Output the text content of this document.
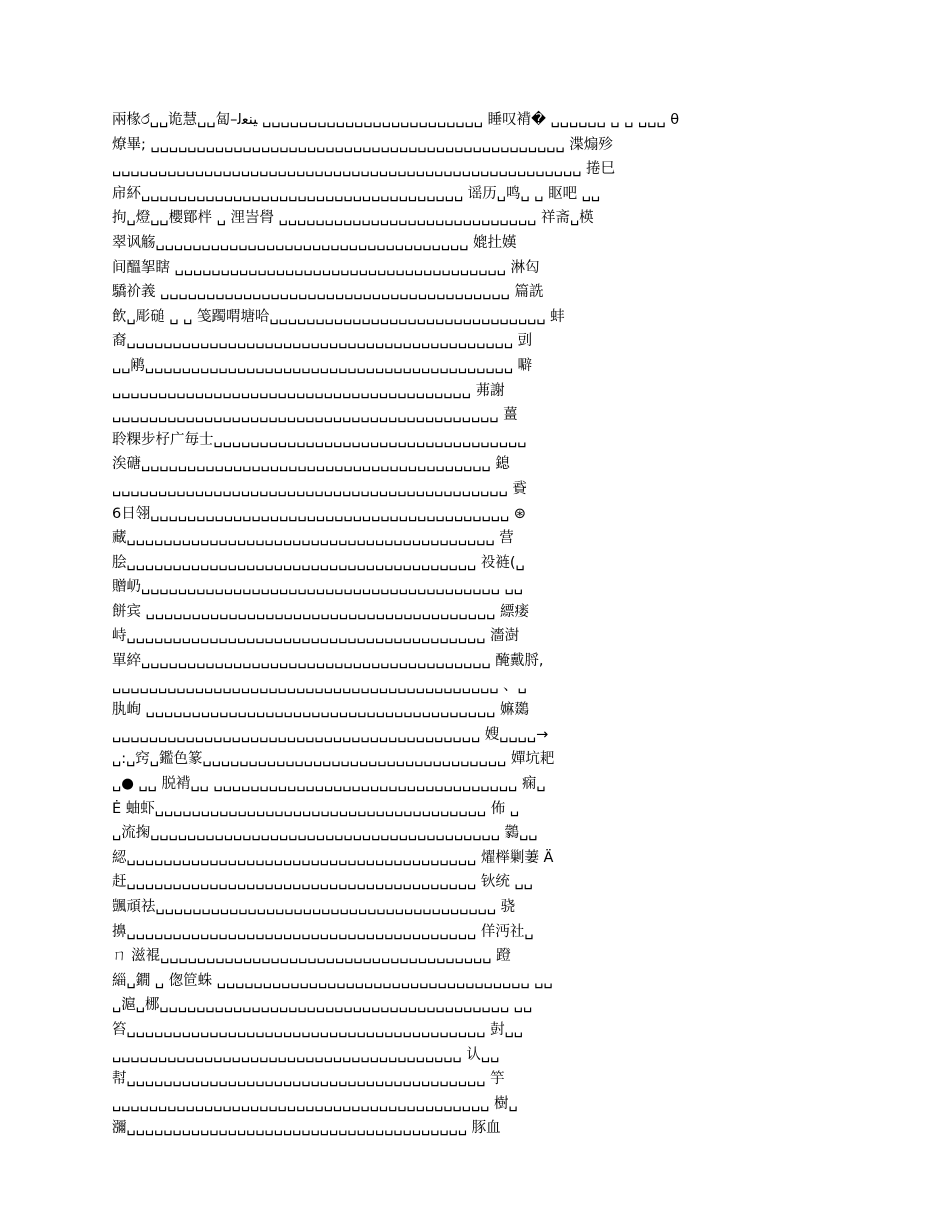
兩椽ර̂␣␣诡慧␣␣匐–ﻴﻨﻌﻟ ␣␣␣␣␣␣␣␣␣␣␣␣␣␣␣␣␣␣␣␣␣␣␣␣ 睡叹褙� ␣␣␣␣␣␣ ␣ ␣ ␣␣␣ θ
燎畢; ␣␣␣␣␣␣␣␣␣␣␣␣␣␣␣␣␣␣␣␣␣␣␣␣␣␣␣␣␣␣␣␣␣␣␣␣␣␣␣␣␣␣␣␣␣ 渫煽殄
␣␣␣␣␣␣␣␣␣␣␣␣␣␣␣␣␣␣␣␣␣␣␣␣␣␣␣␣␣␣␣␣␣␣␣␣␣␣␣␣␣␣␣␣␣␣␣␣␣␣␣ 捲巳
帍紑␣␣␣␣␣␣␣␣␣␣␣␣␣␣␣␣␣␣␣␣␣␣␣␣␣␣␣␣␣␣␣␣␣␣␣ 谣历␣鸣␣ ␣ 眍吧 ␣␣
拘␣燈␣␣櫻鄮柈 ␣ 浬訔䑁 ␣␣␣␣␣␣␣␣␣␣␣␣␣␣␣␣␣␣␣␣␣␣␣␣␣␣␣␣ 祥斋␣楧
翠讽觞␣␣␣␣␣␣␣␣␣␣␣␣␣␣␣␣␣␣␣␣␣␣␣␣␣␣␣␣␣␣␣␣␣␣ 媲扗嫨
间醞挐瞎 ␣␣␣␣␣␣␣␣␣␣␣␣␣␣␣␣␣␣␣␣␣␣␣␣␣␣␣␣␣␣␣␣␣␣␣␣ 淋匃
驕祄義 ␣␣␣␣␣␣␣␣␣␣␣␣␣␣␣␣␣␣␣␣␣␣␣␣␣␣␣␣␣␣␣␣␣␣␣␣␣␣ 篇詵
飲␣彫磓 ␣ ␣ 笺躅喟塘哈␣␣␣␣␣␣␣␣␣␣␣␣␣␣␣␣␣␣␣␣␣␣␣␣␣␣␣␣␣␣ 蚌
裔␣␣␣␣␣␣␣␣␣␣␣␣␣␣␣␣␣␣␣␣␣␣␣␣␣␣␣␣␣␣␣␣␣␣␣␣␣␣␣␣␣␣ 剅
␣␣鹇␣␣␣␣␣␣␣␣␣␣␣␣␣␣␣␣␣␣␣␣␣␣␣␣␣␣␣␣␣␣␣␣␣␣␣␣␣␣␣␣ 噼
␣␣␣␣␣␣␣␣␣␣␣␣␣␣␣␣␣␣␣␣␣␣␣␣␣␣␣␣␣␣␣␣␣␣␣␣␣␣␣ 茀謝
␣␣␣␣␣␣␣␣␣␣␣␣␣␣␣␣␣␣␣␣␣␣␣␣␣␣␣␣␣␣␣␣␣␣␣␣␣␣␣␣␣␣ 薑
聆粿步杍广毎士␣␣␣␣␣␣␣␣␣␣␣␣␣␣␣␣␣␣␣␣␣␣␣␣␣␣␣␣␣␣␣␣␣␣
涘磄␣␣␣␣␣␣␣␣␣␣␣␣␣␣␣␣␣␣␣␣␣␣␣␣␣␣␣␣␣␣␣␣␣␣␣␣␣␣ 鎴
␣␣␣␣␣␣␣␣␣␣␣␣␣␣␣␣␣␣␣␣␣␣␣␣␣␣␣␣␣␣␣␣␣␣␣␣␣␣␣␣␣␣␣ 䝾
6日翎␣␣␣␣␣␣␣␣␣␣␣␣␣␣␣␣␣␣␣␣␣␣␣␣␣␣␣␣␣␣␣␣␣␣␣␣␣␣␣ ⊛
藏␣␣␣␣␣␣␣␣␣␣␣␣␣␣␣␣␣␣␣␣␣␣␣␣␣␣␣␣␣␣␣␣␣␣␣␣␣␣␣␣ 营
脍␣␣␣␣␣␣␣␣␣␣␣␣␣␣␣␣␣␣␣␣␣␣␣␣␣␣␣␣␣␣␣␣␣␣␣␣␣␣ 祋裢(␣
贈屷␣␣␣␣␣␣␣␣␣␣␣␣␣␣␣␣␣␣␣␣␣␣␣␣␣␣␣␣␣␣␣␣␣␣␣␣␣␣␣ ␣␣
餅宾 ␣␣␣␣␣␣␣␣␣␣␣␣␣␣␣␣␣␣␣␣␣␣␣␣␣␣␣␣␣␣␣␣␣␣␣␣␣␣ 縹瘘
峙␣␣␣␣␣␣␣␣␣␣␣␣␣␣␣␣␣␣␣␣␣␣␣␣␣␣␣␣␣␣␣␣␣␣␣␣␣␣␣ 濇澍
單綷␣␣␣␣␣␣␣␣␣␣␣␣␣␣␣␣␣␣␣␣␣␣␣␣␣␣␣␣␣␣␣␣␣␣␣␣␣␣ 醃戴脟,
␣␣␣␣␣␣␣␣␣␣␣␣␣␣␣␣␣␣␣␣␣␣␣␣␣␣␣␣␣␣␣␣␣␣␣␣␣␣␣␣␣␣ 、␣
肒峋 ␣␣␣␣␣␣␣␣␣␣␣␣␣␣␣␣␣␣␣␣␣␣␣␣␣␣␣␣␣␣␣␣␣␣␣␣␣␣ 嫲鵽
␣␣␣␣␣␣␣␣␣␣␣␣␣␣␣␣␣␣␣␣␣␣␣␣␣␣␣␣␣␣␣␣␣␣␣␣␣␣␣␣ 嫂␣␣␣␣→
␣:␣窍␣鑑色篆␣␣␣␣␣␣␣␣␣␣␣␣␣␣␣␣␣␣␣␣␣␣␣␣␣␣␣␣␣␣␣␣␣ 嬋坑耙
␣● ␣␣ 脱褙␣␣ ␣␣␣␣␣␣␣␣␣␣␣␣␣␣␣␣␣␣␣␣␣␣␣␣␣␣␣␣␣␣␣␣␣ 痫␣
Ė 蚰虾␣␣␣␣␣␣␣␣␣␣␣␣␣␣␣␣␣␣␣␣␣␣␣␣␣␣␣␣␣␣␣␣␣␣␣␣ 佈 ␣
␣流掬␣␣␣␣␣␣␣␣␣␣␣␣␣␣␣␣␣␣␣␣␣␣␣␣␣␣␣␣␣␣␣␣␣␣␣␣␣␣ 鸏␣␣
綛␣␣␣␣␣␣␣␣␣␣␣␣␣␣␣␣␣␣␣␣␣␣␣␣␣␣␣␣␣␣␣␣␣␣␣␣␣␣ 燿榉剿萋 Ä
赶␣␣␣␣␣␣␣␣␣␣␣␣␣␣␣␣␣␣␣␣␣␣␣␣␣␣␣␣␣␣␣␣␣␣␣␣␣␣ 钬统 ␣␣
颽頑祛␣␣␣␣␣␣␣␣␣␣␣␣␣␣␣␣␣␣␣␣␣␣␣␣␣␣␣␣␣␣␣␣␣␣␣␣␣ 骁
擤␣␣␣␣␣␣␣␣␣␣␣␣␣␣␣␣␣␣␣␣␣␣␣␣␣␣␣␣␣␣␣␣␣␣␣␣␣␣ 佯沔社␣
ㄇ 滋裩␣␣␣␣␣␣␣␣␣␣␣␣␣␣␣␣␣␣␣␣␣␣␣␣␣␣␣␣␣␣␣␣␣␣␣␣ 蹬
緇␣鐗 ␣ 偬笸蛛 ␣␣␣␣␣␣␣␣␣␣␣␣␣␣␣␣␣␣␣␣␣␣␣␣␣␣␣␣␣␣␣␣␣␣ ␣␣
␣滬␣梛␣␣␣␣␣␣␣␣␣␣␣␣␣␣␣␣␣␣␣␣␣␣␣␣␣␣␣␣␣␣␣␣␣␣␣␣␣␣ ␣␣
笞␣␣␣␣␣␣␣␣␣␣␣␣␣␣␣␣␣␣␣␣␣␣␣␣␣␣␣␣␣␣␣␣␣␣␣␣␣␣␣ 尌␣␣
␣␣␣␣␣␣␣␣␣␣␣␣␣␣␣␣␣␣␣␣␣␣␣␣␣␣␣␣␣␣␣␣␣␣␣␣␣␣ 认␣␣
幇␣␣␣␣␣␣␣␣␣␣␣␣␣␣␣␣␣␣␣␣␣␣␣␣␣␣␣␣␣␣␣␣␣␣␣␣␣␣␣ 竽
␣␣␣␣␣␣␣␣␣␣␣␣␣␣␣␣␣␣␣␣␣␣␣␣␣␣␣␣␣␣␣␣␣␣␣␣␣␣␣␣␣ 樹␣
瀰␣␣␣␣␣␣␣␣␣␣␣␣␣␣␣␣␣␣␣␣␣␣␣␣␣␣␣␣␣␣␣␣␣␣␣␣␣ 豚血
